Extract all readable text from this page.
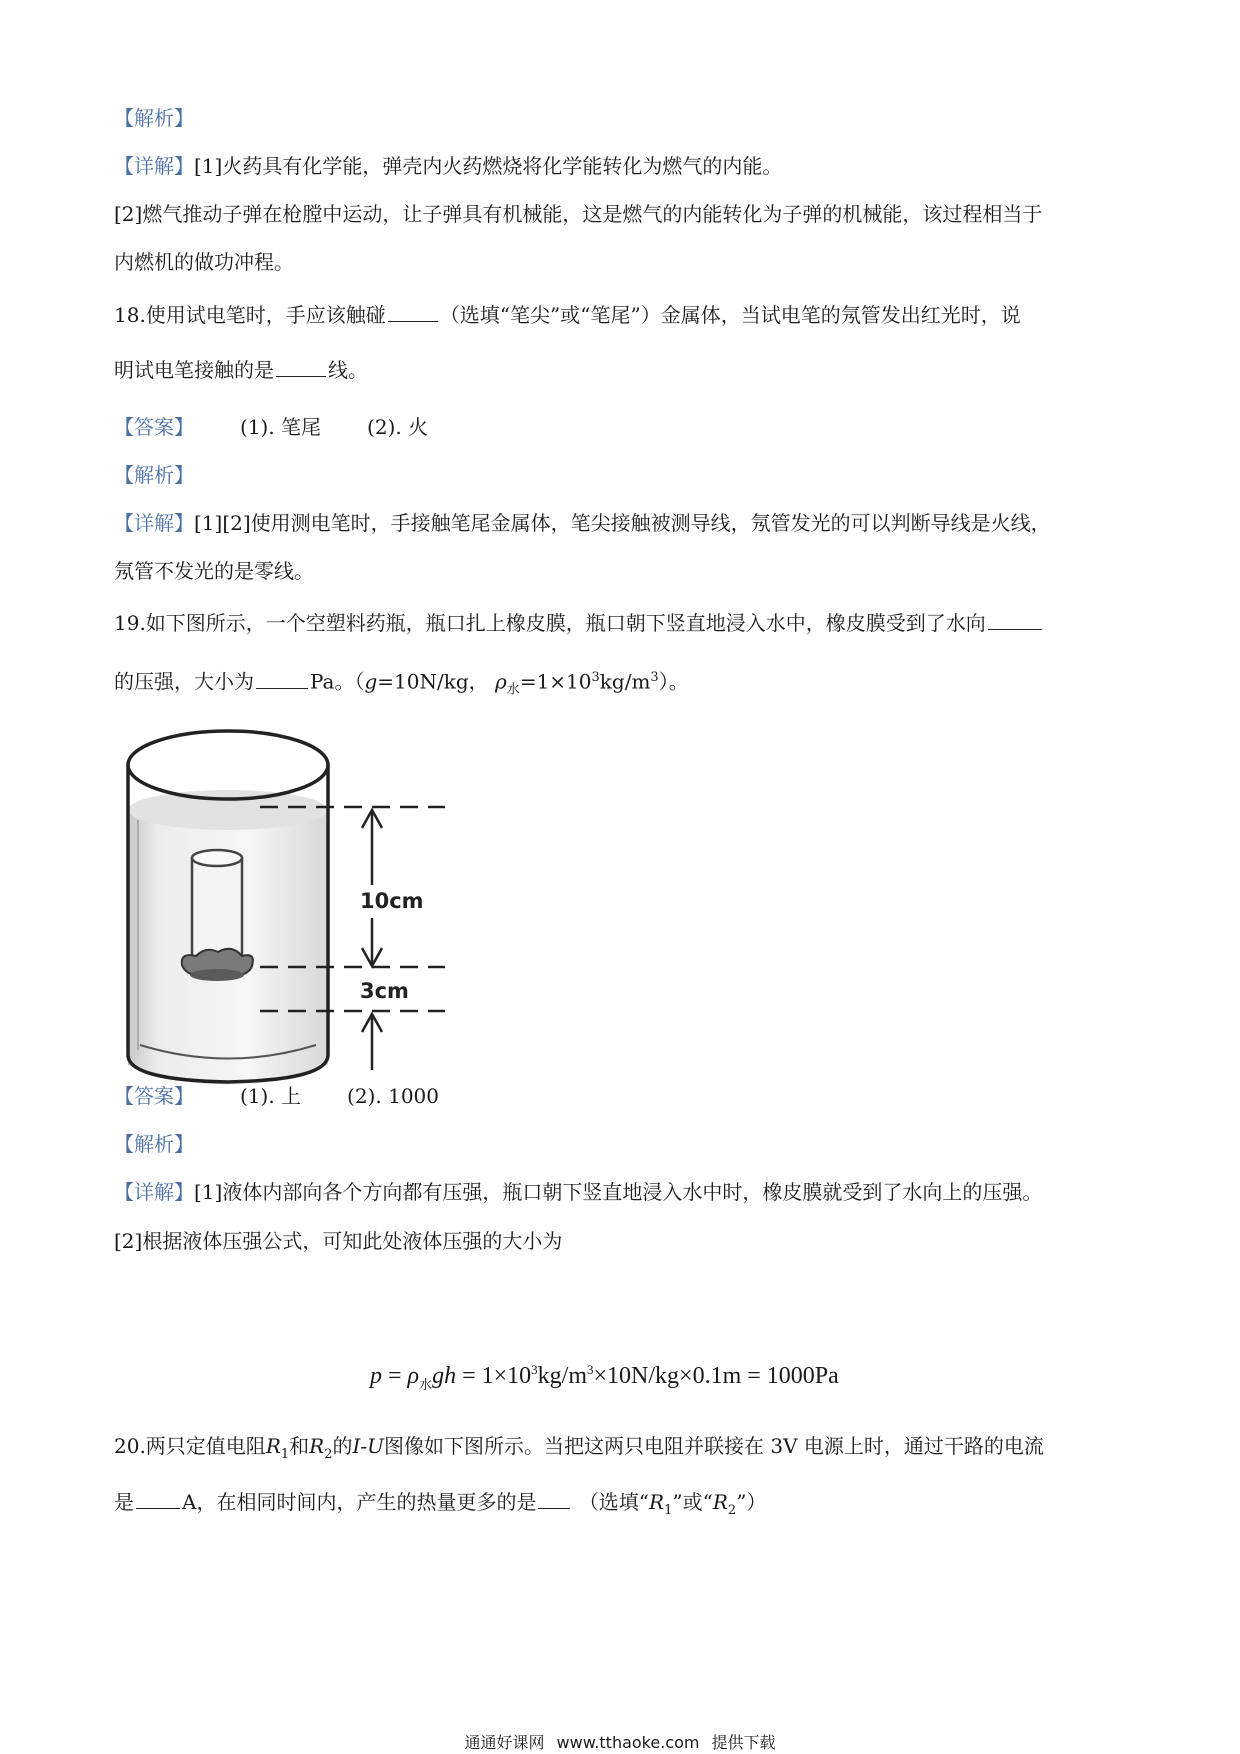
【解析】
【详解】[1]火药具有化学能，弹壳内火药燃烧将化学能转化为燃气的内能。
[2]燃气推动子弹在枪膛中运动，让子弹具有机械能，这是燃气的内能转化为子弹的机械能，该过程相当于
内燃机的做功冲程。
18.使用试电笔时，手应该触碰	（选填“笔尖”或“笔尾”）金属体，当试电笔的氖管发出红光时，说
明试电笔接触的是	线。
【答案】 (1). 笔尾 (2). 火
【解析】
【详解】[1][2]使用测电笔时，手接触笔尾金属体，笔尖接触被测导线，氖管发光的可以判断导线是火线，
氖管不发光的是零线。
19.如下图所示，一个空塑料药瓶，瓶口扎上橡皮膜，瓶口朝下竖直地浸入水中，橡皮膜受到了水向
的压强，大小为	Pa。（g=10N/kg， $\rho_水=1\times 10^3kg/m^3$）。
10cm
3cm
【答案】 (1). 上 (2). 1000
【解析】
【详解】[1]液体内部向各个方向都有压强，瓶口朝下竖直地浸入水中时，橡皮膜就受到了水向上的压强。
[2]根据液体压强公式，可知此处液体压强的大小为
$p = \rho_水gh = 1\times 10^3kg/m^3\times 10N/kg\times 0.1m = 1000Pa$
20.两只定值电阻$R_1$和$R_2$的I-U图像如下图所示。当把这两只电阻并联接在 3V 电源上时，通过干路的电流
是 A，在相同时间内，产生的热量更多的是 （选填“$R_1$”或“$R_2$”）
通通好课网 www.tthaoke.com 提供下载
